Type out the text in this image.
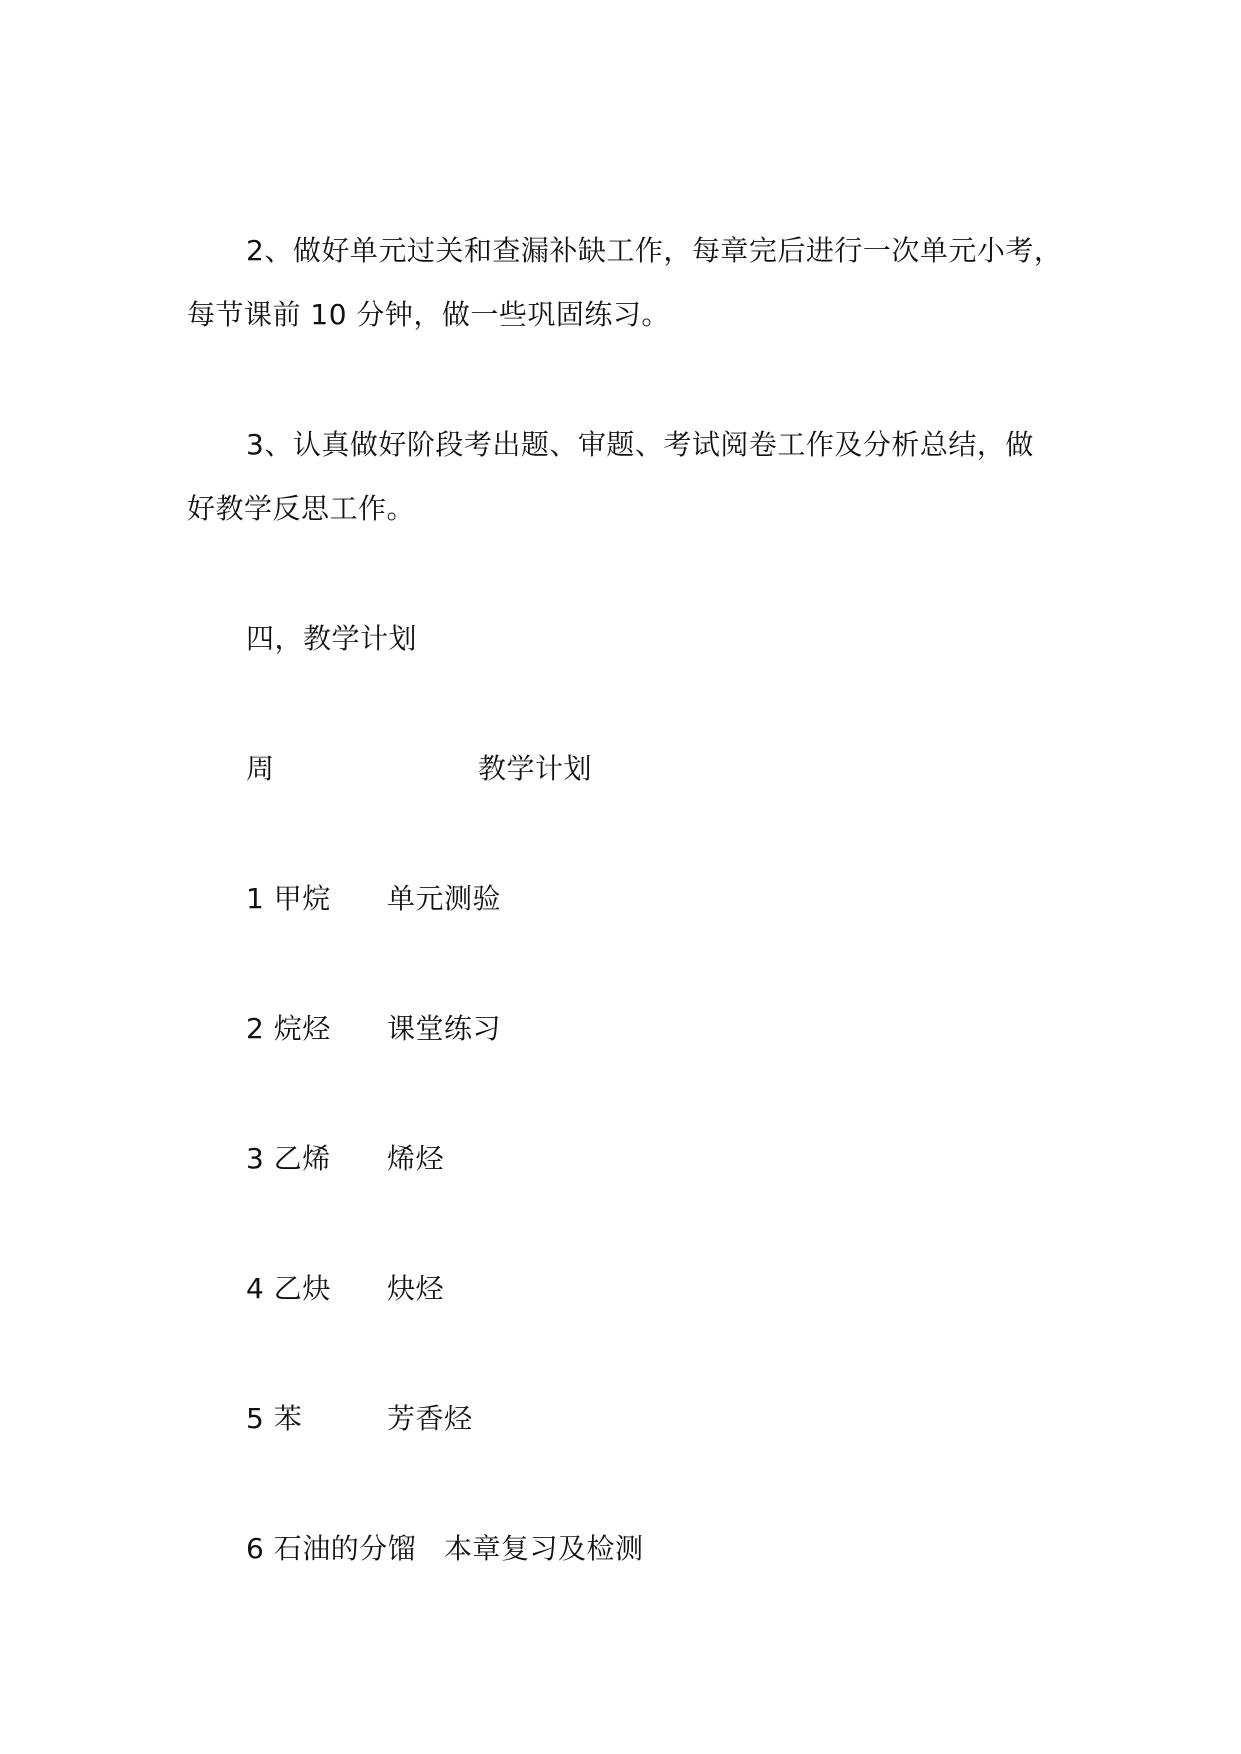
2、做好单元过关和查漏补缺工作，每章完后进行一次单元小考，
每节课前 10 分钟，做一些巩固练习。
3、认真做好阶段考出题、审题、考试阅卷工作及分析总结，做
好教学反思工作。
四，教学计划
周	教学计划
1 甲烷 单元测验
2 烷烃 课堂练习
3 乙烯 烯烃
4 乙炔 炔烃
5 苯	芳香烃
6 石油的分馏 本章复习及检测
